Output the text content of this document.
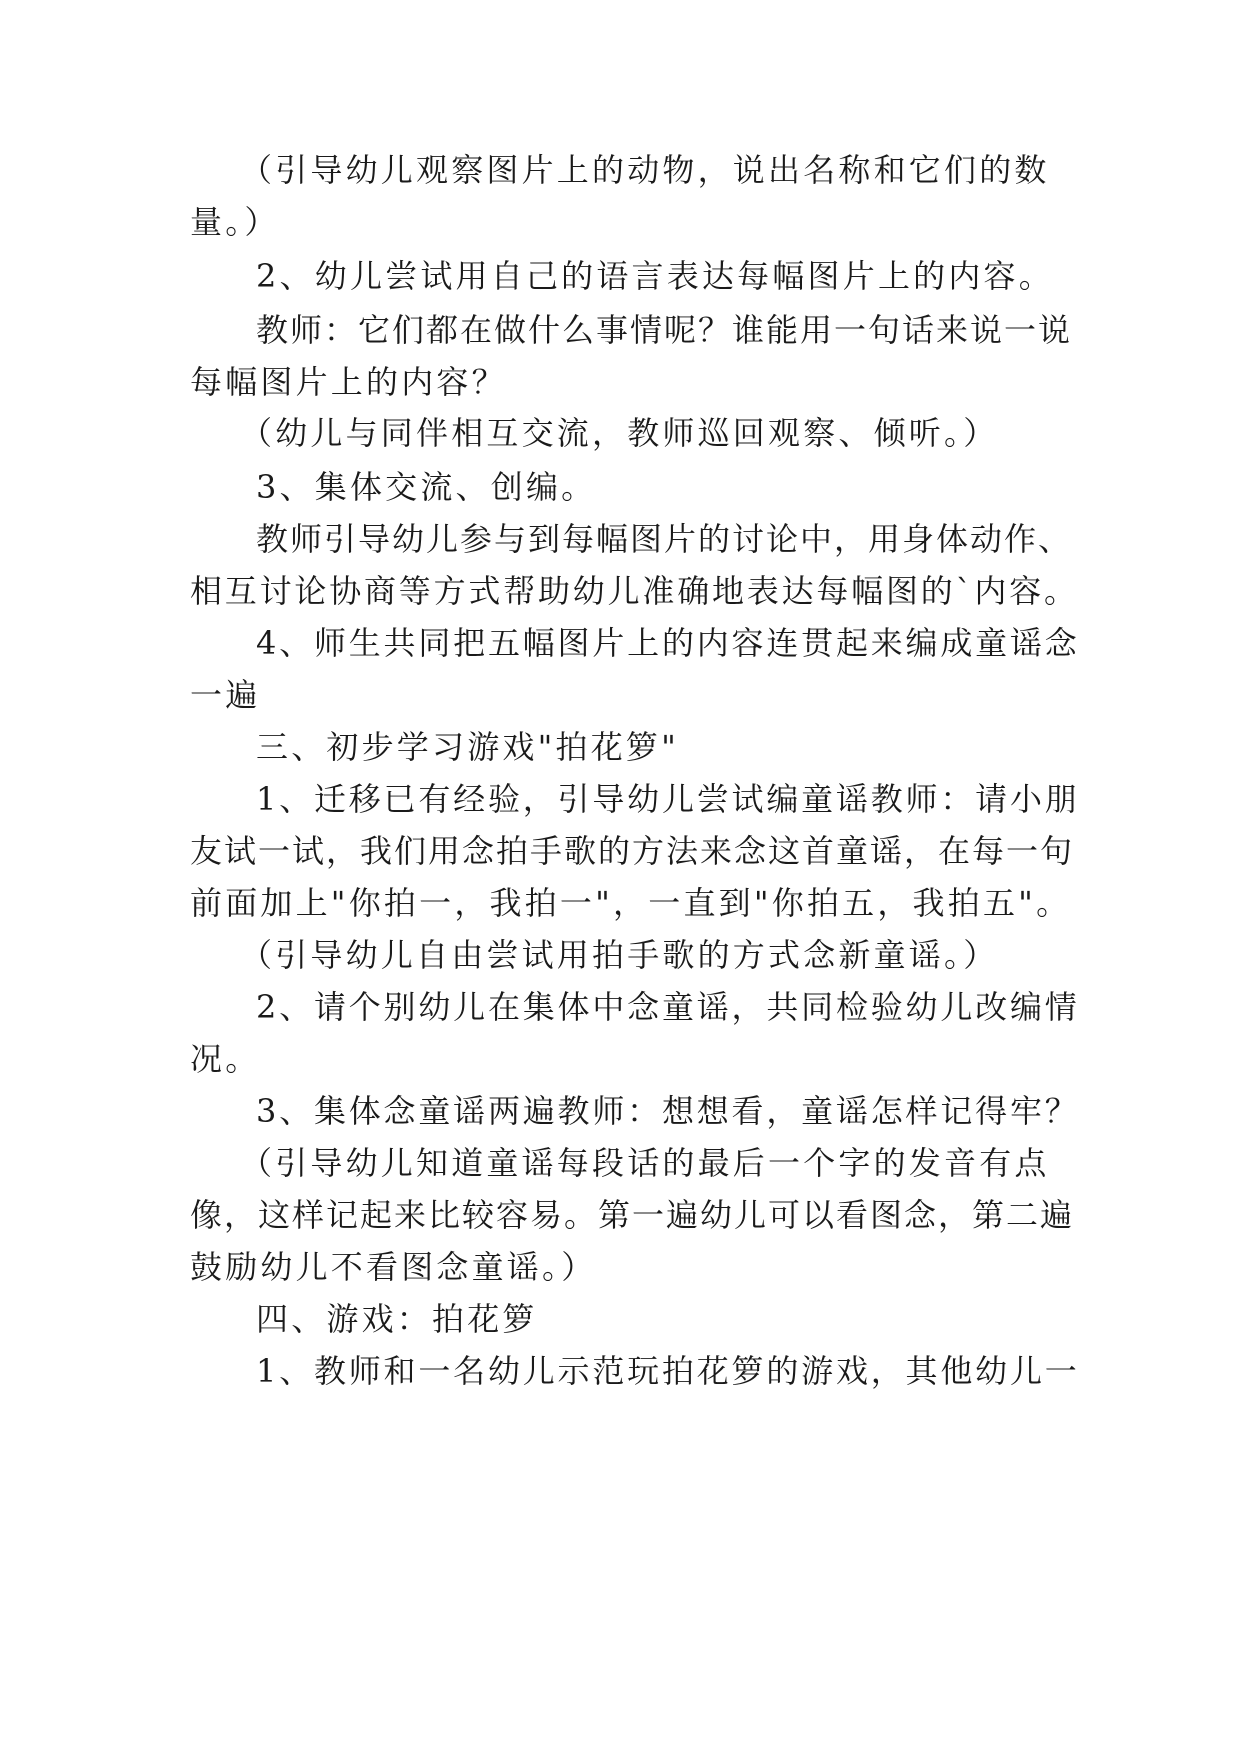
（引导幼儿观察图片上的动物，说出名称和它们的数
量。）
2、幼儿尝试用自己的语言表达每幅图片上的内容。
教师：它们都在做什么事情呢？谁能用一句话来说一说
每幅图片上的内容？
（幼儿与同伴相互交流，教师巡回观察、倾听。）
3、集体交流、创编。
教师引导幼儿参与到每幅图片的讨论中，用身体动作、
相互讨论协商等方式帮助幼儿准确地表达每幅图的`内容。
4、师生共同把五幅图片上的内容连贯起来编成童谣念
一遍
三、初步学习游戏"拍花箩"
1、迁移已有经验，引导幼儿尝试编童谣教师：请小朋
友试一试，我们用念拍手歌的方法来念这首童谣，在每一句
前面加上"你拍一，我拍一"，一直到"你拍五，我拍五"。
（引导幼儿自由尝试用拍手歌的方式念新童谣。）
2、请个别幼儿在集体中念童谣，共同检验幼儿改编情
况。
3、集体念童谣两遍教师：想想看，童谣怎样记得牢？
（引导幼儿知道童谣每段话的最后一个字的发音有点
像，这样记起来比较容易。第一遍幼儿可以看图念，第二遍
鼓励幼儿不看图念童谣。）
四、游戏：拍花箩
1、教师和一名幼儿示范玩拍花箩的游戏，其他幼儿一
